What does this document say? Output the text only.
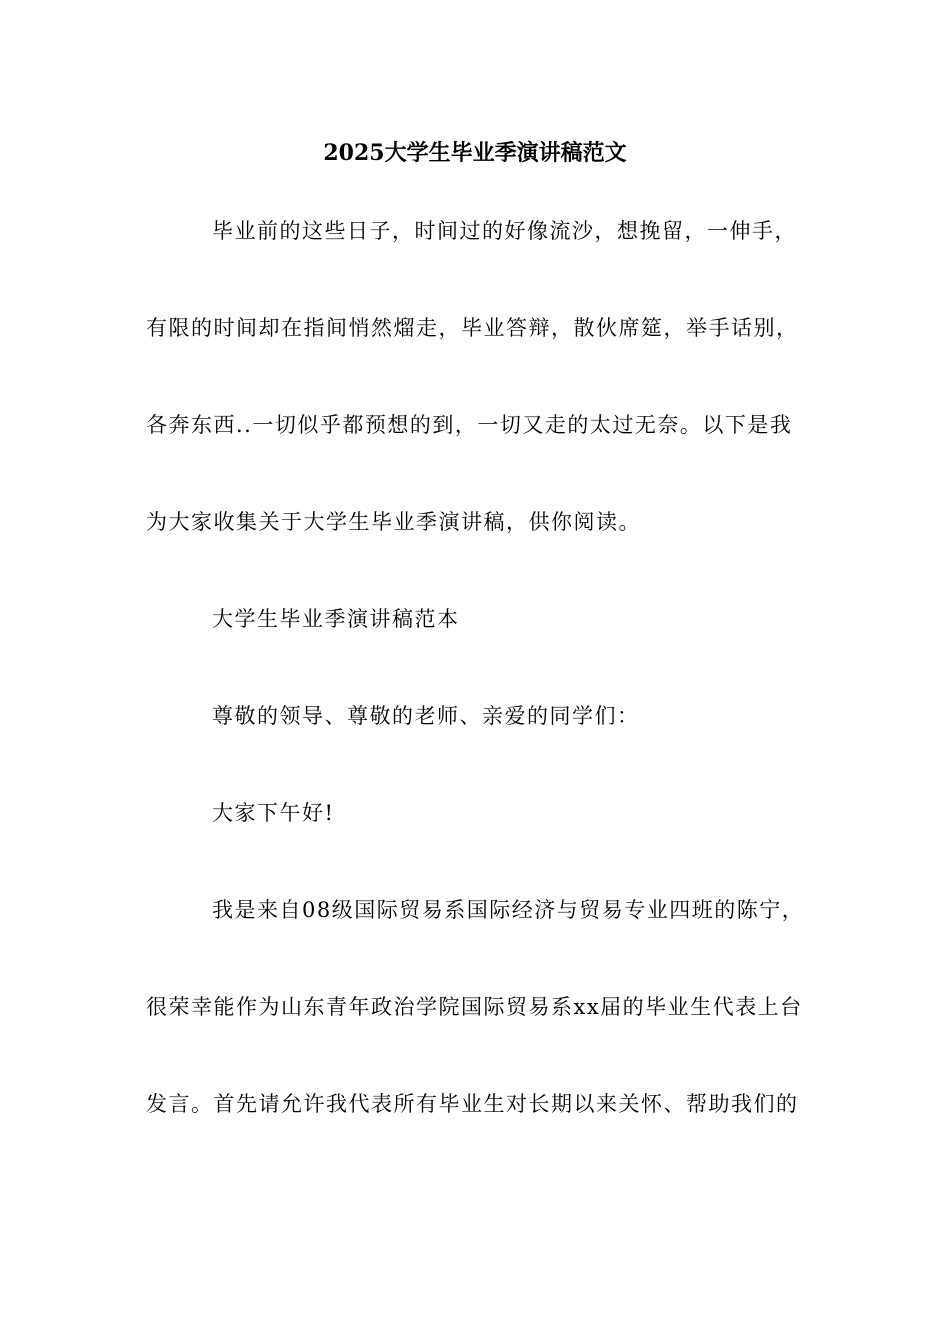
2025大学生毕业季演讲稿范文
毕业前的这些日子，时间过的好像流沙，想挽留，一伸手，
有限的时间却在指间悄然熘走，毕业答辩，散伙席筵，举手话别，
各奔东西..一切似乎都预想的到，一切又走的太过无奈。以下是我
为大家收集关于大学生毕业季演讲稿，供你阅读。
大学生毕业季演讲稿范本
尊敬的领导、尊敬的老师、亲爱的同学们：
大家下午好!
我是来自08级国际贸易系国际经济与贸易专业四班的陈宁，
很荣幸能作为山东青年政治学院国际贸易系xx届的毕业生代表上台
发言。首先请允许我代表所有毕业生对长期以来关怀、帮助我们的
